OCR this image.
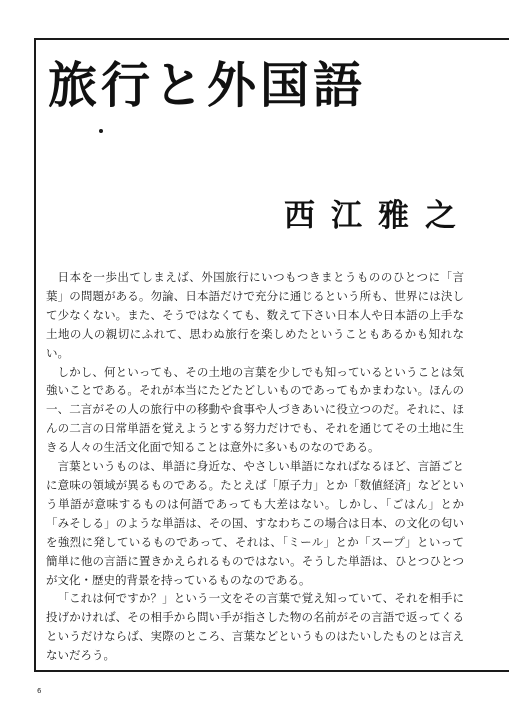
旅行と外国語
西江雅之

日本を一歩出てしまえば、外国旅行にいつもつきまとうもののひとつに「言葉」の問題がある。勿論、日本語だけで充分に通じるという所も、世界には決して少なくない。また、そうではなくても、数えて下さい日本人や日本語の上手な土地の人の親切にふれて、思わぬ旅行を楽しめたということもあるかも知れない。

しかし、何といっても、その土地の言葉を少しでも知っているということは気強いことである。それが本当にたどたどしいものであってもかまわない。ほんの一、二言がその人の旅行中の移動や食事や人づきあいに役立つのだ。それに、ほんの二言の日常単語を覚えようとする努力だけでも、それを通じてその土地に生きる人々の生活文化面で知ることは意外に多いものなのである。

言葉というものは、単語に身近な、やさしい単語になればなるほど、言語ごとに意味の領域が異るものである。たとえば「原子力」とか「数値経済」などという単語が意味するものは何語であっても大差はない。しかし、「ごはん」とか「みそしる」のような単語は、その国、すなわちこの場合は日本、の文化の匂いを強烈に発しているものであって、それは、「ミール」とか「スープ」といって簡単に他の言語に置きかえられるものではない。そうした単語は、ひとつひとつが文化・歴史的背景を持っているものなのである。

「これは何ですか？」という一文をその言葉で覚え知っていて、それを相手に投げかければ、その相手から問い手が指さした物の名前がその言語で返ってくるというだけならば、実際のところ、言葉などというものはたいしたものとは言えないだろう。

6
